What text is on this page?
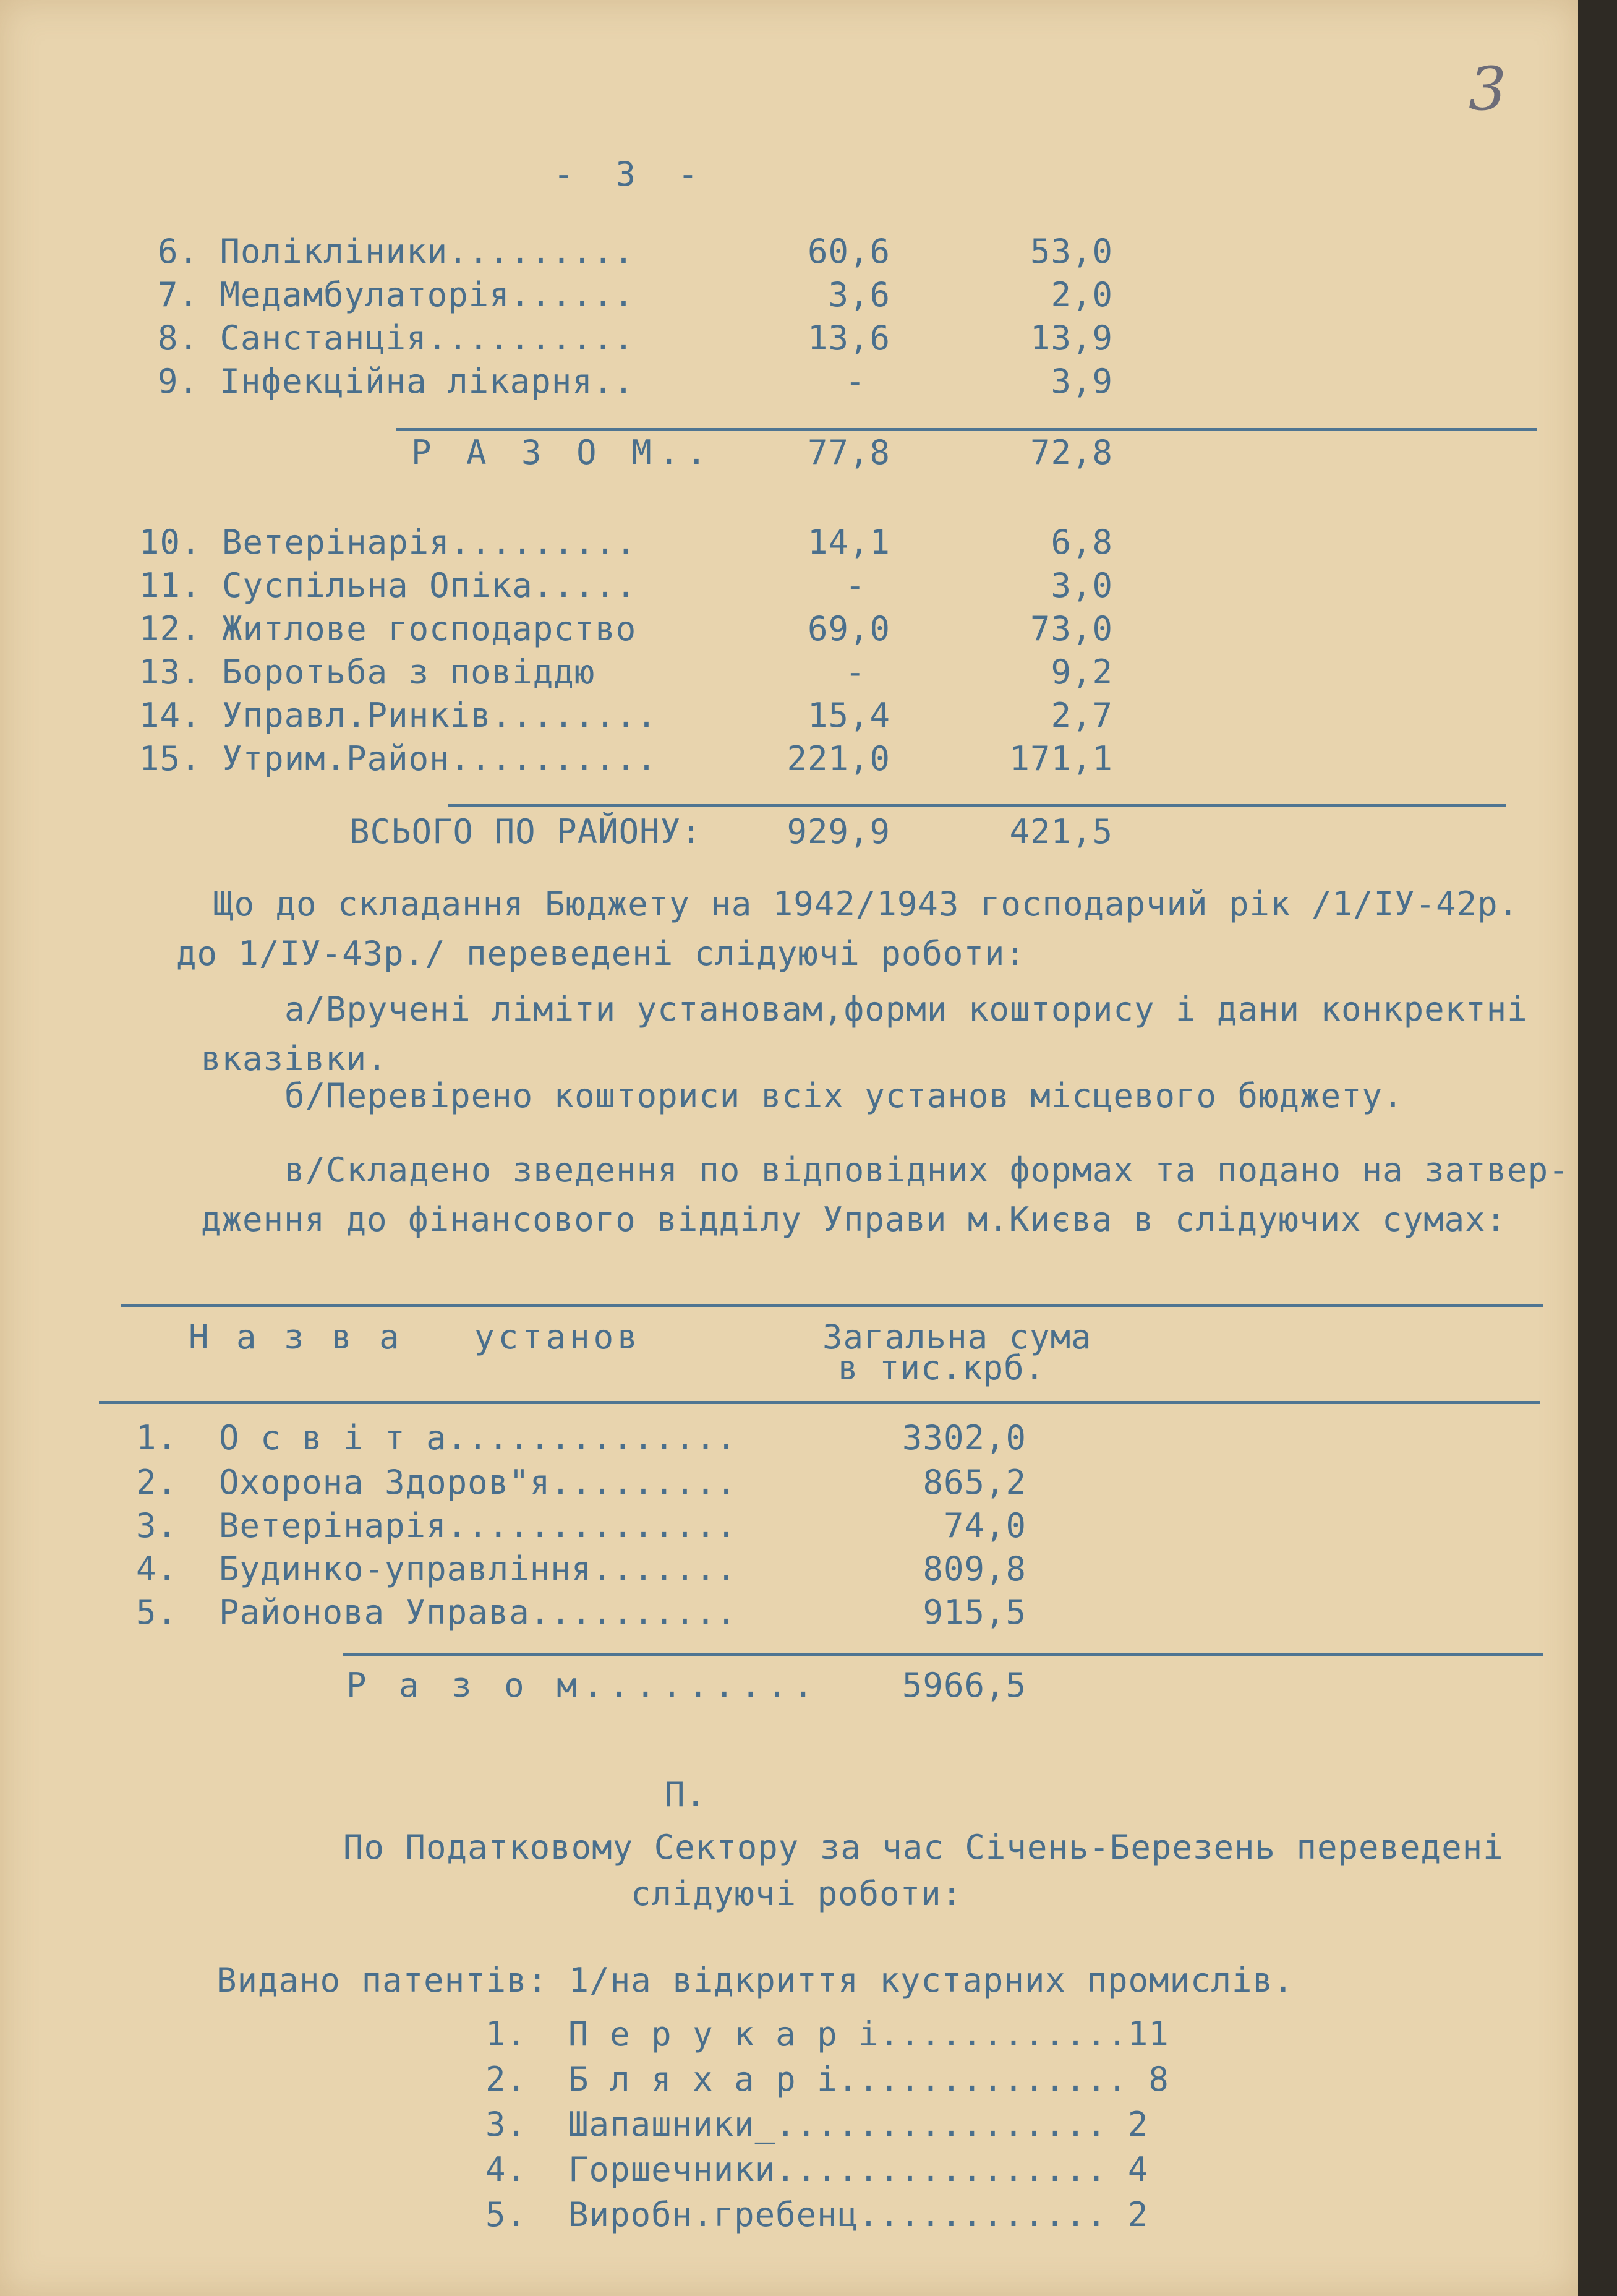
3
-  3  -
6. Полікліники.........	60,6	53,0
7. Медамбулаторія......	3,6	2,0
8. Санстанція..........	13,6	13,9
9. Інфекційна лікарня..	-	3,9
Р А З О М..	77,8	72,8
10. Ветерінарія.........	14,1	6,8
11. Суспільна Опіка.....	-	3,0
12. Житлове господарство	69,0	73,0
13. Боротьба з повіддю	-	9,2
14. Управл.Ринків........	15,4	2,7
15. Утрим.Район..........	221,0	171,1
ВСЬОГО ПО РАЙОНУ:	929,9	421,5
Що до складання Бюджету на 1942/1943 господарчий рік /1/ІУ-42р.
до 1/ІУ-43р./ переведені слідуючі роботи:
а/Вручені ліміти установам,форми кошторису і дани конкректні
вказівки.
б/Перевірено кошториси всіх установ місцевого бюджету.
в/Складено зведення по відповідних формах та подано на затвер-
дження до фінансового відділу Управи м.Києва в слідуючих сумах:
Н а з в а   установ	Загальна сума
в тис.крб.
1.  О с в і т а..............	3302,0
2.  Охорона Здоров"я.........	865,2
3.  Ветерінарія..............	74,0
4.  Будинко-управління.......	809,8
5.  Районова Управа..........	915,5
Р а з о м.........	5966,5
П.
По Податковому Сектору за час Січень-Березень переведені
слідуючі роботи:
Видано патентів: 1/на відкриття кустарних промислів.
1.  П е р у к а р і............11
2.  Б л я х а р і.............. 8
3.  Шапашники_................ 2
4.  Горшечники................ 4
5.  Виробн.гребенц............ 2
